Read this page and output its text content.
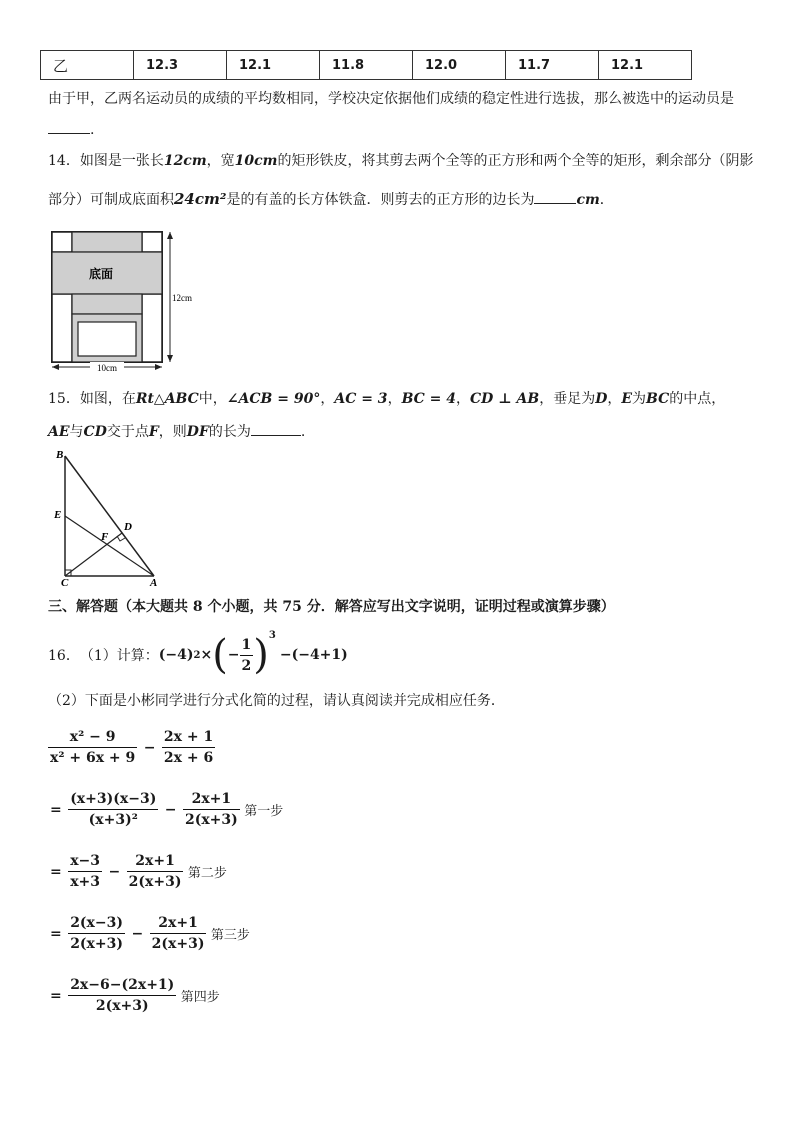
乙	12.3	12.1	11.8	12.0	11.7	12.1
由于甲，乙两名运动员的成绩的平均数相同，学校决定依据他们成绩的稳定性进行选拔，那么被选中的运动员是
.
14．如图是一张长12cm，宽10cm的矩形铁皮，将其剪去两个全等的正方形和两个全等的矩形，剩余部分（阴影
部分）可制成底面积24cm²是的有盖的长方体铁盒．则剪去的正方形的边长为	cm．
底面
12cm
10cm
15．如图，在Rt△ABC中，∠ACB = 90°，AC = 3，BC = 4，CD ⊥ AB，垂足为D，E为BC的中点，
AE与CD交于点F，则DF的长为	.
B
E
D
F
C	A
三、解答题（本大题共 8 个小题，共 75 分．解答应写出文字说明，证明过程或演算步骤）
16． （1）计算： (−4) 2 × ( − $\frac{1}{2} )^3$
−(−4+1)
（2）下面是小彬同学进行分式化简的过程，请认真阅读并完成相应任务．
$\frac{\text{x² − 9}}{\text{x² + 6x + 9}} - \frac{2x + 1}{2x + 6}$
= $\frac{(x+3)(x-3)}{\text{(x+3)²}} - \frac{2x+1}{2(x+3)}$ 第一步
= $\frac{x-3}{x+3} - \frac{2x+1}{2(x+3)}$ 第二步
= $\frac{2(x-3)}{2(x+3)} - \frac{2x+1}{2(x+3)}$ 第三步
= $\frac{2x-6-(2x+1)}{2(x+3)}$ 第四步
